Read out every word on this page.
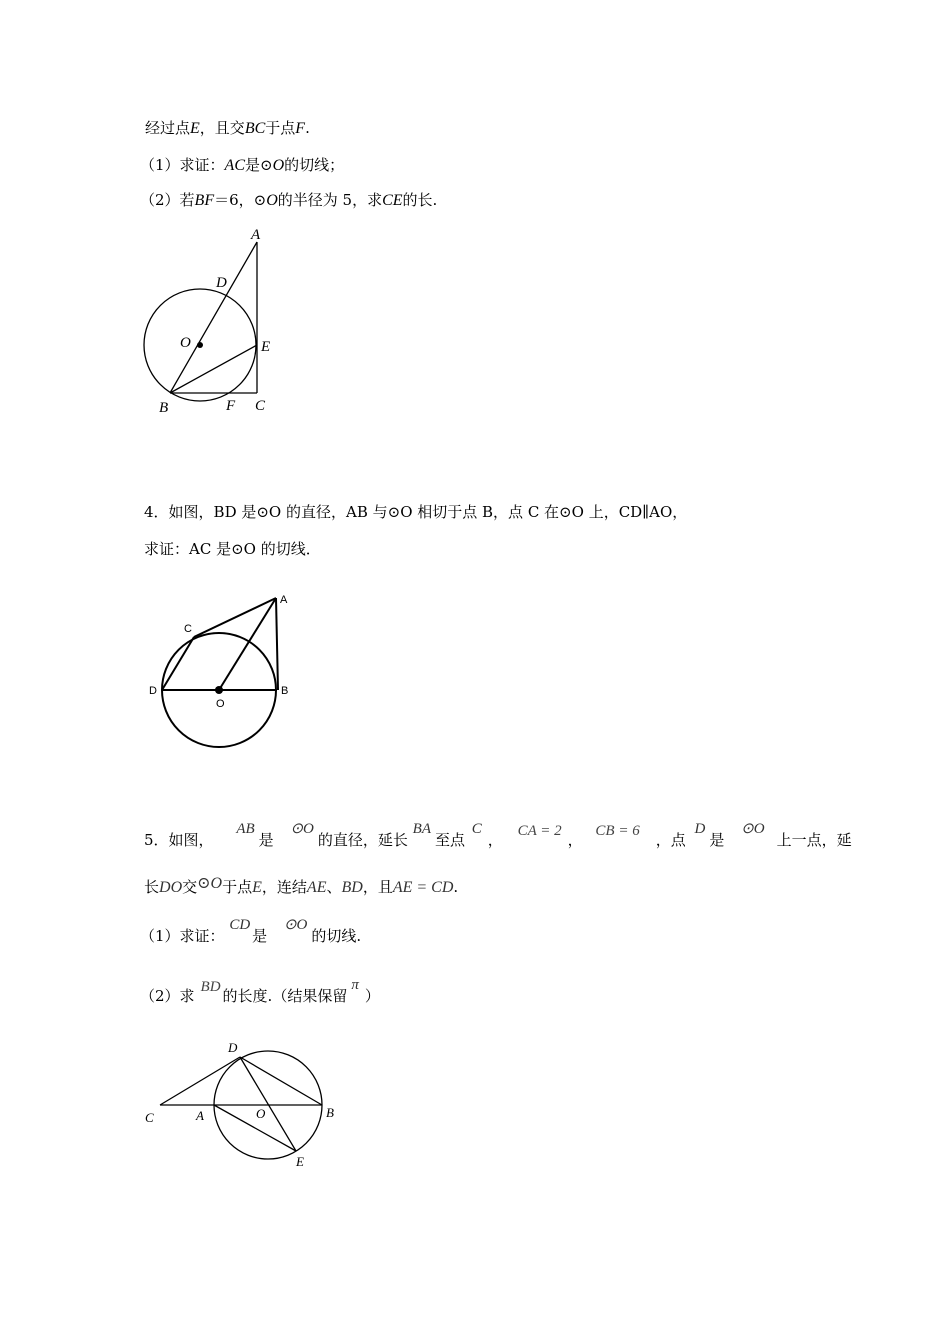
经过点E，且交BC于点F.
（1）求证：AC是⊙O的切线；
（2）若BF＝6，⊙O的半径为 5，求CE的长.
A
D
O	E
B	F C
4．如图，BD 是⊙O 的直径，AB 与⊙O 相切于点 B，点 C 在⊙O 上，CD∥AO，
求证：AC 是⊙O 的切线．
A
C
D
O
B
5．如图， AB是 ⊙O的直径，延长 BA至点 C， CA = 2 ， CB = 6 ，点 D是 ⊙O上一点，延
长DO交⊙O于点E，连结AE、BD，且AE = CD.
（1）求证： CD是 ⊙O的切线.
（2）求 BD 的长度.（结果保留π）
D
C	A	O	B
E
